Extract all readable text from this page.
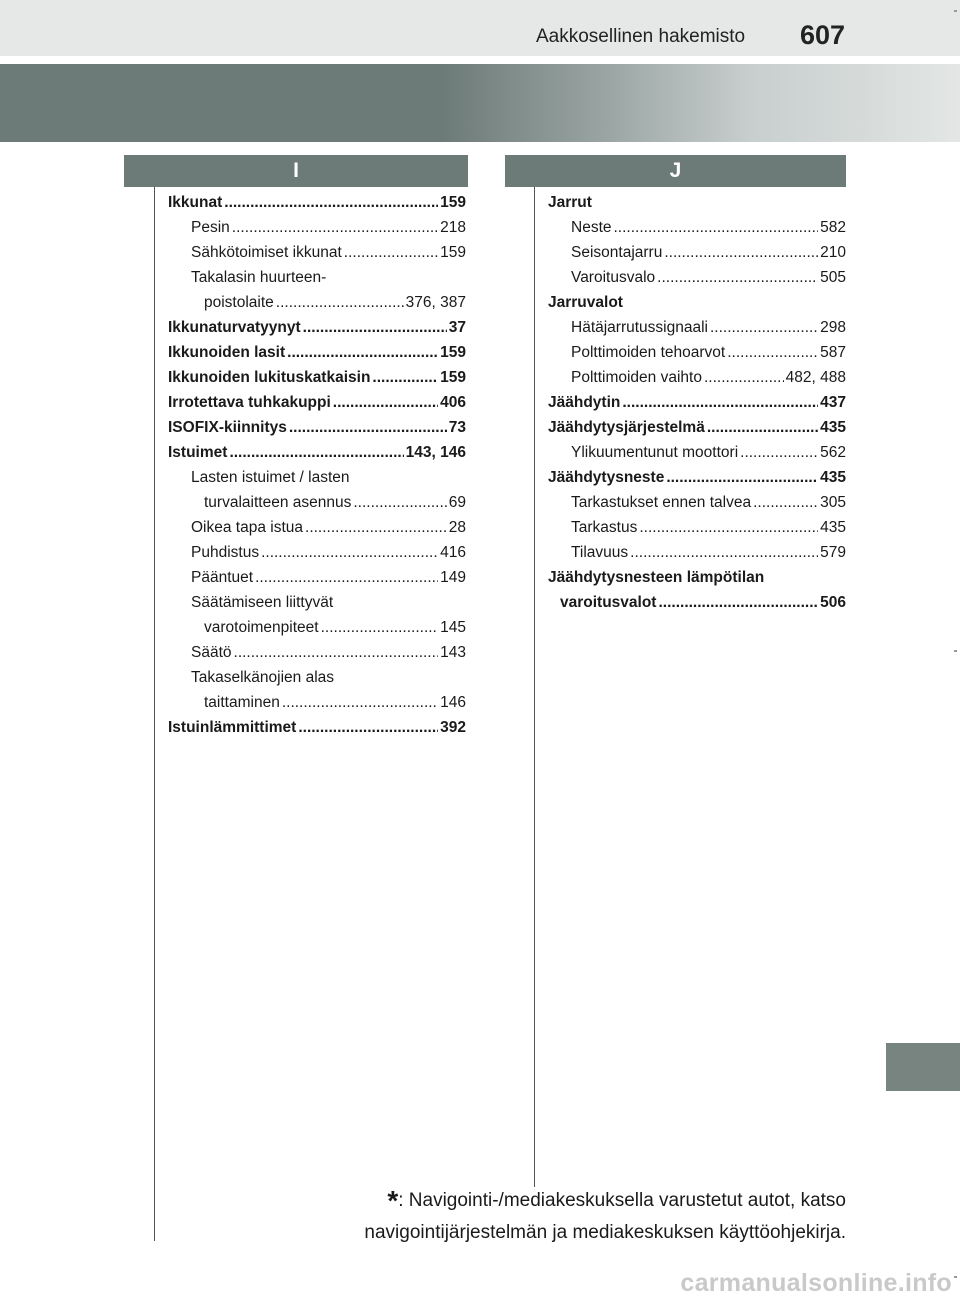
Aakkosellinen hakemisto 607
I	J
Ikkunat .....	159
Pesin .....	218
Sähkötoimiset ikkunat .....	159
Takalasin huurteen-
poistolaite .....	376, 387
Ikkunaturvatyynyt .....	37
Ikkunoiden lasit .....	159
Ikkunoiden lukituskatkaisin .....	159
Irrotettava tuhkakuppi .....	406
ISOFIX-kiinnitys .....	73
Istuimet .....	143, 146
Lasten istuimet / lasten
turvalaitteen asennus .....	69
Oikea tapa istua .....	28
Puhdistus .....	416
Pääntuet .....	149
Säätämiseen liittyvät
varotoimenpiteet .....	145
Säätö .....	143
Takaselkänojien alas
taittaminen .....	146
Istuinlämmittimet .....	392
Jarrut
Neste .....	582
Seisontajarru .....	210
Varoitusvalo .....	505
Jarruvalot
Hätäjarrutussignaali .....	298
Polttimoiden tehoarvot .....	587
Polttimoiden vaihto .....	482, 488
Jäähdytin .....	437
Jäähdytysjärjestelmä .....	435
Ylikuumentunut moottori .....	562
Jäähdytysneste .....	435
Tarkastukset ennen talvea .....	305
Tarkastus .....	435
Tilavuus .....	579
Jäähdytysnesteen lämpötilan
varoitusvalot .....	506
*: Navigointi-/mediakeskuksella varustetut autot, katso
navigointijärjestelmän ja mediakeskuksen käyttöohjekirja.
carmanualsonline.info
